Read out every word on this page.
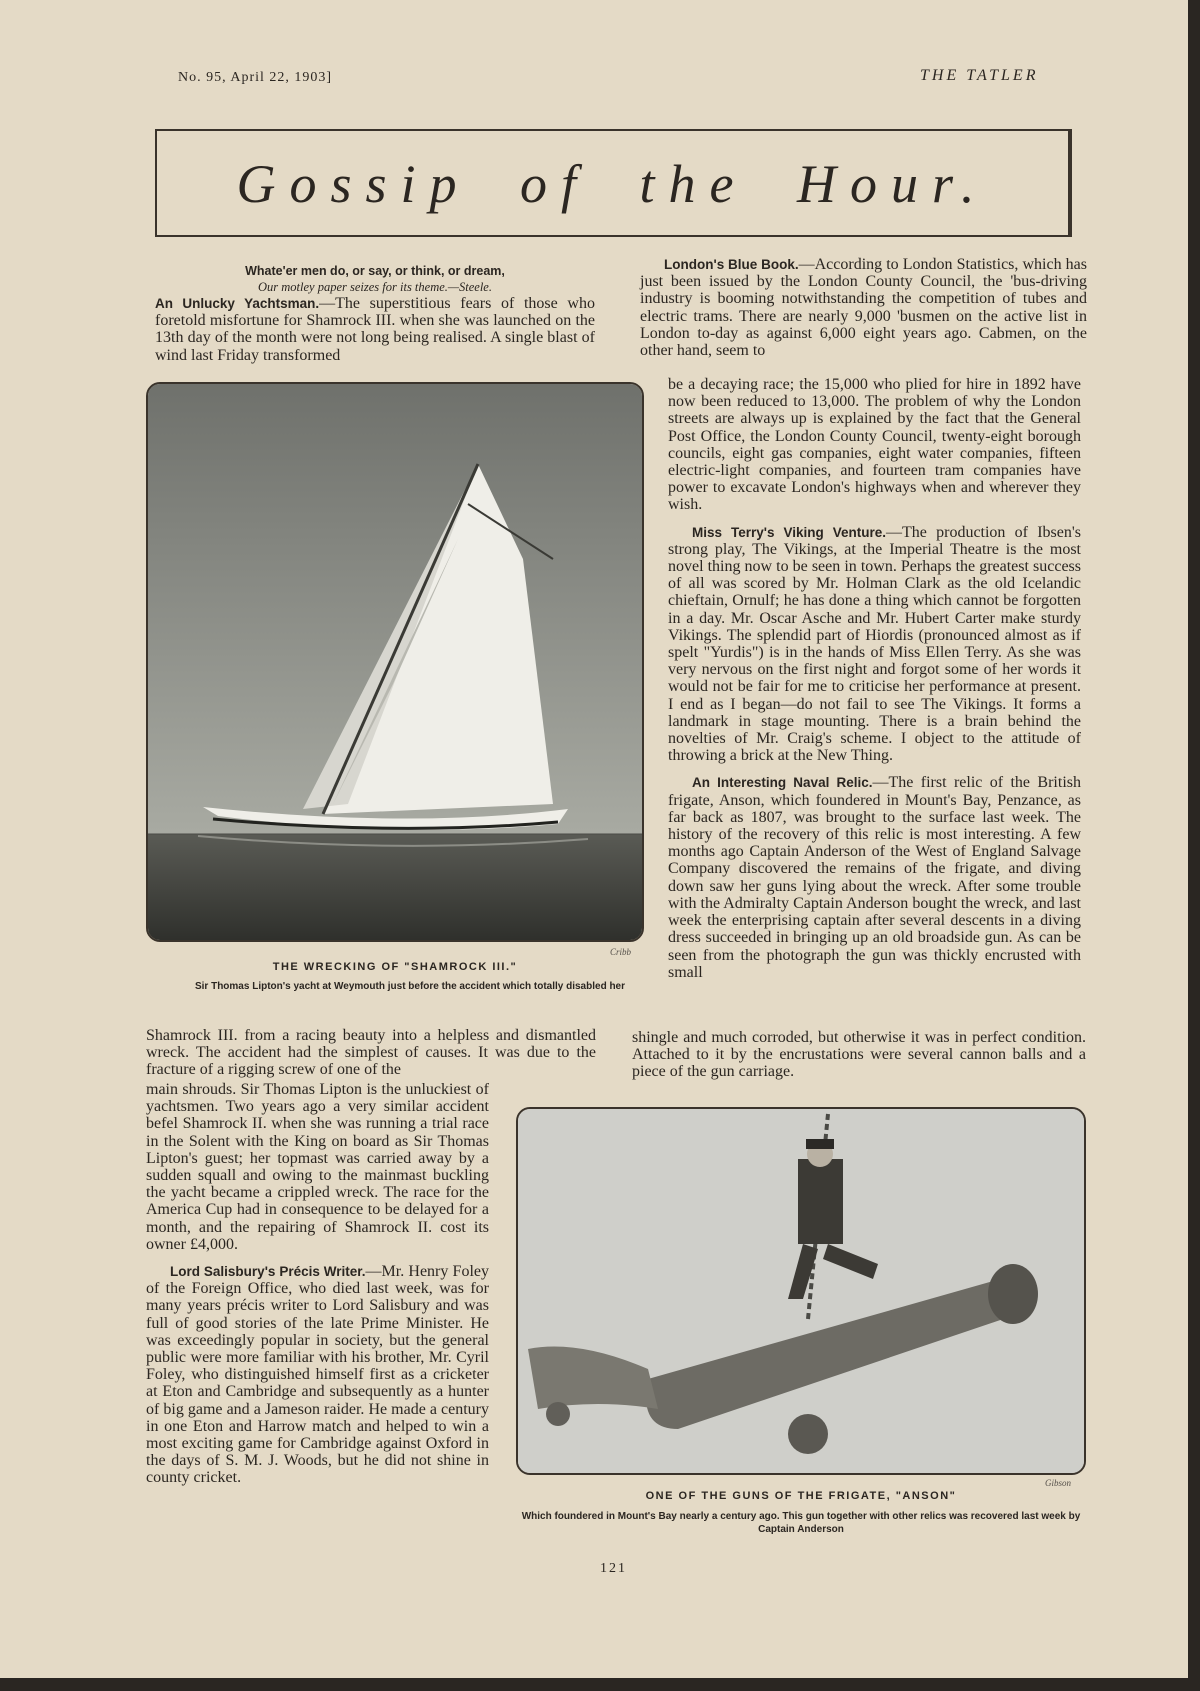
No. 95, April 22, 1903]	THE TATLER
Gossip of the Hour.
Whate'er men do, or say, or think, or dream,
Our motley paper seizes for its theme.—Steele.

An Unlucky Yachtsman.—The superstitious fears of those who foretold misfortune for Shamrock III. when she was launched on the 13th day of the month were not long being realised. A single blast of wind last Friday transformed

Cribb
THE WRECKING OF "SHAMROCK III."
Sir Thomas Lipton's yacht at Weymouth just before the accident which totally disabled her

Shamrock III. from a racing beauty into a helpless and dismantled wreck. The accident had the simplest of causes. It was due to the fracture of a rigging screw of one of the

main shrouds. Sir Thomas Lipton is the unluckiest of yachtsmen. Two years ago a very similar accident befel Shamrock II. when she was running a trial race in the Solent with the King on board as Sir Thomas Lipton's guest; her topmast was carried away by a sudden squall and owing to the mainmast buckling the yacht became a crippled wreck. The race for the America Cup had in consequence to be delayed for a month, and the repairing of Shamrock II. cost its owner £4,000.

Lord Salisbury's Précis Writer.—Mr. Henry Foley of the Foreign Office, who died last week, was for many years précis writer to Lord Salisbury and was full of good stories of the late Prime Minister. He was exceedingly popular in society, but the general public were more familiar with his brother, Mr. Cyril Foley, who distinguished himself first as a cricketer at Eton and Cambridge and subsequently as a hunter of big game and a Jameson raider. He made a century in one Eton and Harrow match and helped to win a most exciting game for Cambridge against Oxford in the days of S. M. J. Woods, but he did not shine in county cricket.

London's Blue Book.—According to London Statistics, which has just been issued by the London County Council, the 'bus-driving industry is booming notwithstanding the competition of tubes and electric trams. There are nearly 9,000 'busmen on the active list in London to-day as against 6,000 eight years ago. Cabmen, on the other hand, seem to

be a decaying race; the 15,000 who plied for hire in 1892 have now been reduced to 13,000. The problem of why the London streets are always up is explained by the fact that the General Post Office, the London County Council, twenty-eight borough councils, eight gas companies, eight water companies, fifteen electric-light companies, and fourteen tram companies have power to excavate London's highways when and wherever they wish.

Miss Terry's Viking Venture.—The production of Ibsen's strong play, The Vikings, at the Imperial Theatre is the most novel thing now to be seen in town. Perhaps the greatest success of all was scored by Mr. Holman Clark as the old Icelandic chieftain, Ornulf; he has done a thing which cannot be forgotten in a day. Mr. Oscar Asche and Mr. Hubert Carter make sturdy Vikings. The splendid part of Hiordis (pronounced almost as if spelt "Yurdis") is in the hands of Miss Ellen Terry. As she was very nervous on the first night and forgot some of her words it would not be fair for me to criticise her performance at present. I end as I began—do not fail to see The Vikings. It forms a landmark in stage mounting. There is a brain behind the novelties of Mr. Craig's scheme. I object to the attitude of throwing a brick at the New Thing.

An Interesting Naval Relic.—The first relic of the British frigate, Anson, which foundered in Mount's Bay, Penzance, as far back as 1807, was brought to the surface last week. The history of the recovery of this relic is most interesting. A few months ago Captain Anderson of the West of England Salvage Company discovered the remains of the frigate, and diving down saw her guns lying about the wreck. After some trouble with the Admiralty Captain Anderson bought the wreck, and last week the enterprising captain after several descents in a diving dress succeeded in bringing up an old broadside gun. As can be seen from the photograph the gun was thickly encrusted with small

shingle and much corroded, but otherwise it was in perfect condition. Attached to it by the encrustations were several cannon balls and a piece of the gun carriage.

Gibson
ONE OF THE GUNS OF THE FRIGATE, "ANSON"
Which foundered in Mount's Bay nearly a century ago. This gun together with other relics was recovered last week by Captain Anderson
121
